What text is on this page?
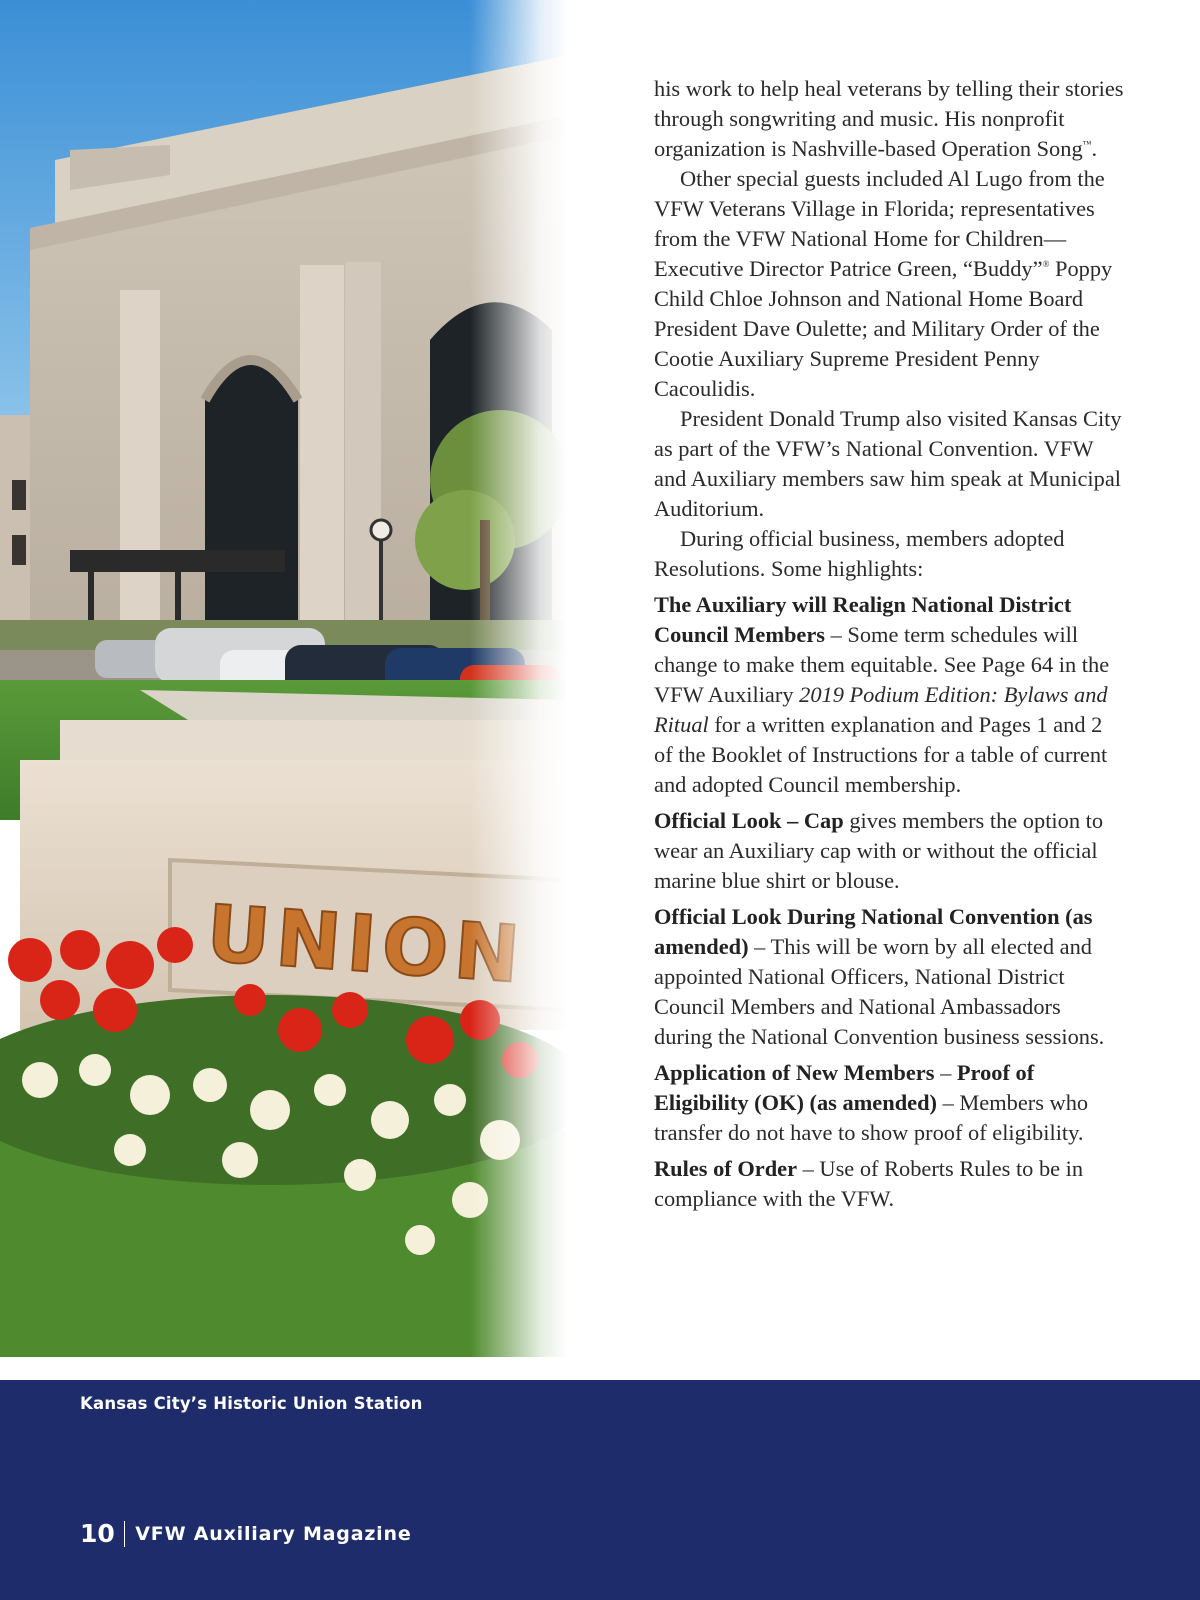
his work to help heal veterans by telling their stories through songwriting and music. His nonprofit organization is Nashville-based Operation Song™.

Other special guests included Al Lugo from the VFW Veterans Village in Florida; representatives from the VFW National Home for Children—Executive Director Patrice Green, “Buddy”® Poppy Child Chloe Johnson and National Home Board President Dave Oulette; and Military Order of the Cootie Auxiliary Supreme President Penny Cacoulidis.

President Donald Trump also visited Kansas City as part of the VFW’s National Convention. VFW and Auxiliary members saw him speak at Municipal Auditorium.

During official business, members adopted Resolutions. Some highlights:

The Auxiliary will Realign National District Council Members – Some term schedules will change to make them equitable. See Page 64 in the VFW Auxiliary 2019 Podium Edition: Bylaws and Ritual for a written explanation and Pages 1 and 2 of the Booklet of Instructions for a table of current and adopted Council membership.

Official Look – Cap gives members the option to wear an Auxiliary cap with or without the official marine blue shirt or blouse.

Official Look During National Convention (as amended) – This will be worn by all elected and appointed National Officers, National District Council Members and National Ambassadors during the National Convention business sessions.

Application of New Members – Proof of Eligibility (OK) (as amended) – Members who transfer do not have to show proof of eligibility.

Rules of Order – Use of Roberts Rules to be in compliance with the VFW.

Kansas City’s Historic Union Station
10 VFW Auxiliary Magazine
